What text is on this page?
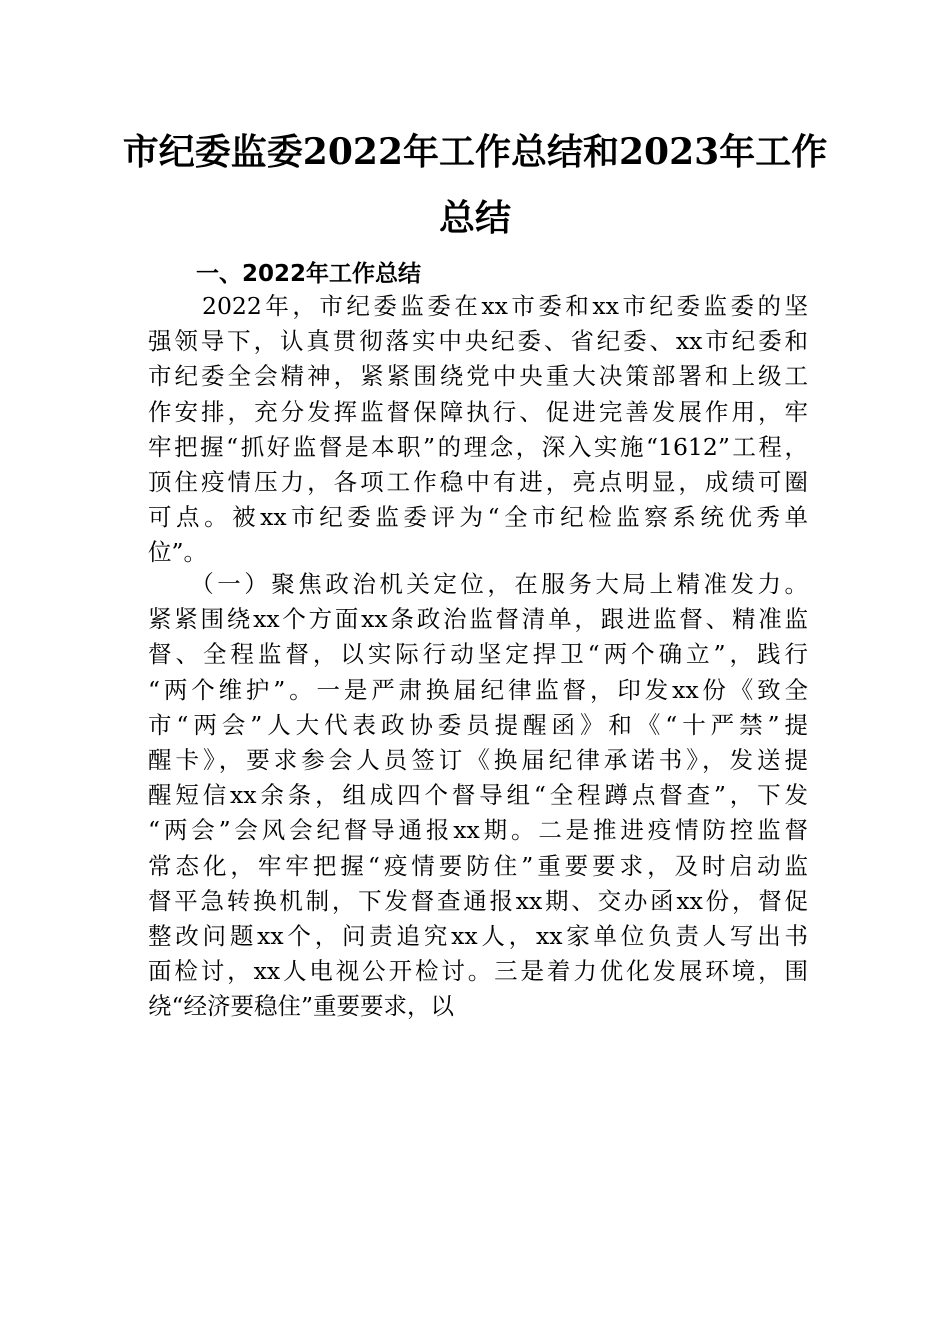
市纪委监委2022年工作总结和2023年工作
总结
一、2022年工作总结
　　2022年，市纪委监委在xx市委和xx市纪委监委的坚
强领导下，认真贯彻落实中央纪委、省纪委、xx市纪委和
市纪委全会精神，紧紧围绕党中央重大决策部署和上级工
作安排，充分发挥监督保障执行、促进完善发展作用，牢
牢把握“抓好监督是本职”的理念，深入实施“1612”工程，
顶住疫情压力，各项工作稳中有进，亮点明显，成绩可圈
可点。被xx市纪委监委评为“全市纪检监察系统优秀单
位”。
　　（一）聚焦政治机关定位，在服务大局上精准发力。
紧紧围绕xx个方面xx条政治监督清单，跟进监督、精准监
督、全程监督，以实际行动坚定捍卫“两个确立”，践行
“两个维护”。一是严肃换届纪律监督，印发xx份《致全
市“两会”人大代表政协委员提醒函》和《“十严禁”提
醒卡》，要求参会人员签订《换届纪律承诺书》，发送提
醒短信xx余条，组成四个督导组“全程蹲点督查”，下发
“两会”会风会纪督导通报xx期。二是推进疫情防控监督
常态化，牢牢把握“疫情要防住”重要要求，及时启动监
督平急转换机制，下发督查通报xx期、交办函xx份，督促
整改问题xx个，问责追究xx人，xx家单位负责人写出书
面检讨，xx人电视公开检讨。三是着力优化发展环境，围
绕“经济要稳住”重要要求，以
